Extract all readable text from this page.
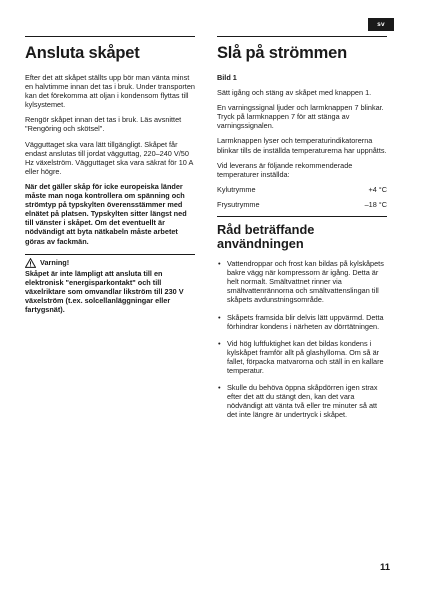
sv
Ansluta skåpet

Efter det att skåpet ställts upp bör man vänta minst en halvtimme innan det tas i bruk. Under transporten kan det förekomma att oljan i kondensom flyttas till kylsystemet.

Rengör skåpet innan det tas i bruk. Läs avsnittet "Rengöring och skötsel".

Vägguttaget ska vara lätt tillgängligt. Skåpet får endast anslutas till jordat vägguttag, 220–240 V/50 Hz växelström. Vägguttaget ska vara säkrat för 10 A eller högre.

När det gäller skåp för icke europeiska länder måste man noga kontrollera om spänning och strömtyp på typskylten överensstämmer med elnätet på platsen. Typskylten sitter längst ned till vänster i skåpet. Om det eventuellt är nödvändigt att byta nätkabeln måste arbetet göras av fackmän.

Varning!

Skåpet är inte lämpligt att ansluta till en elektronisk "energisparkontakt" och till växelriktare som omvandlar likström till 230 V växelström (t.ex. solcellanläggningar eller fartygsnät).

Slå på strömmen

Bild 1

Sätt igång och stäng av skåpet med knappen 1.

En varningssignal ljuder och larmknappen 7 blinkar. Tryck på larmknappen 7 för att stänga av varningssignalen.

Larmknappen lyser och temperaturindikatorerna blinkar tills de inställda temperaturerna har uppnåtts.

Vid leverans är följande rekommenderade temperaturer inställda:

Kylutrymme	+4 °C
Frysutrymme	–18 °C
Råd beträffande användningen
• Vattendroppar och frost kan bildas på kylskåpets bakre vägg när kompressorn är igång. Detta är helt normalt. Smältvattnet rinner via smältvattenrännorna och smältvattenslingan till skåpets avdunstningsområde.
• Skåpets framsida blir delvis lätt uppvärmd. Detta förhindrar kondens i närheten av dörrtätningen.
• Vid hög luftfuktighet kan det bildas kondens i kylskåpet framför allt på glashyllorna. Om så är fallet, förpacka matvarorna och ställ in en kallare temperatur.
• Skulle du behöva öppna skåpdörren igen strax efter det att du stängt den, kan det vara nödvändigt att vänta två eller tre minuter så att det inte längre är undertryck i skåpet.
11
